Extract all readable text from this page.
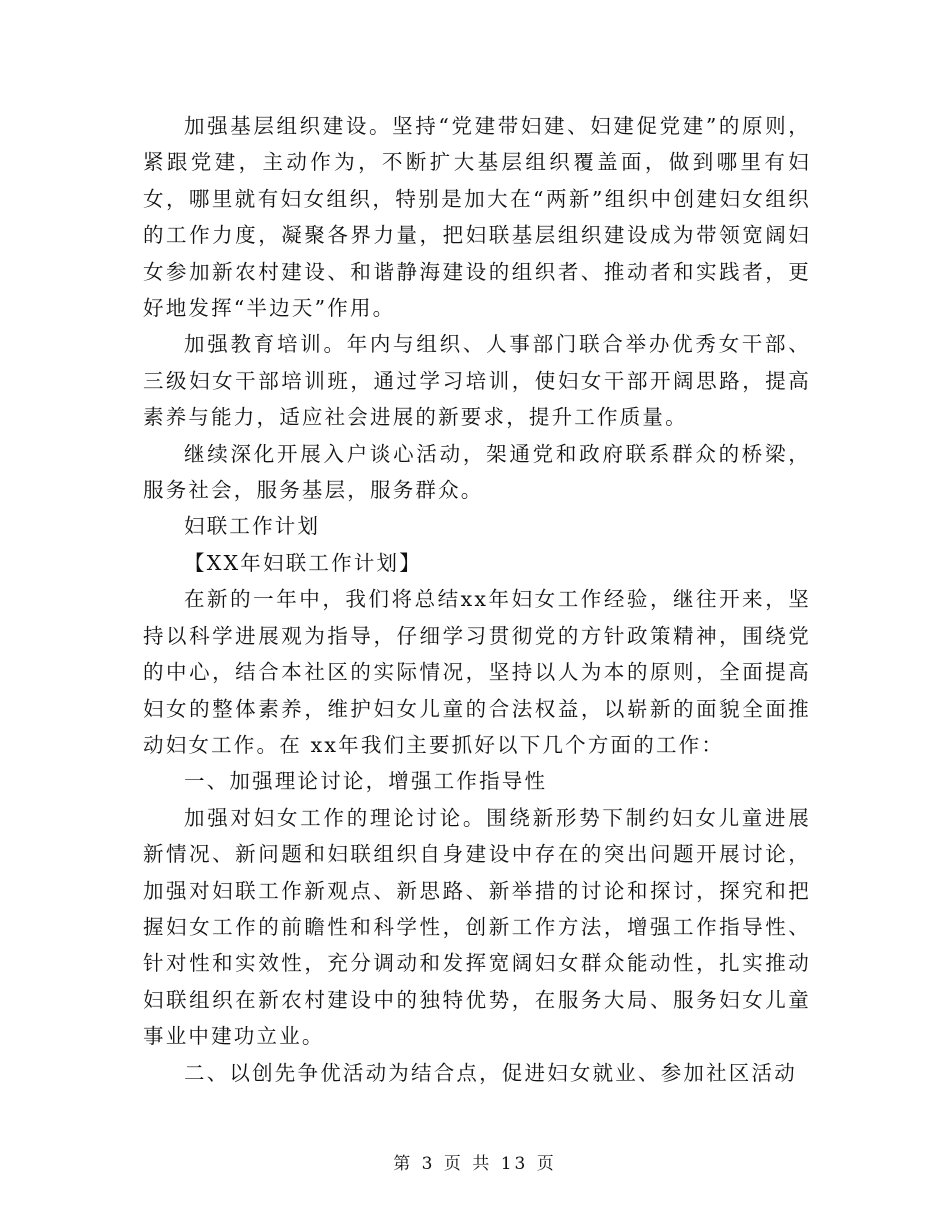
加强基层组织建设。坚持“党建带妇建、妇建促党建”的原则，紧跟党建，主动作为，不断扩大基层组织覆盖面，做到哪里有妇女，哪里就有妇女组织，特别是加大在“两新”组织中创建妇女组织的工作力度，凝聚各界力量，把妇联基层组织建设成为带领宽阔妇女参加新农村建设、和谐静海建设的组织者、推动者和实践者，更好地发挥“半边天”作用。

加强教育培训。年内与组织、人事部门联合举办优秀女干部、三级妇女干部培训班，通过学习培训，使妇女干部开阔思路，提高素养与能力，适应社会进展的新要求，提升工作质量。

继续深化开展入户谈心活动，架通党和政府联系群众的桥梁，服务社会，服务基层，服务群众。

妇联工作计划

【XX年妇联工作计划】

在新的一年中，我们将总结xx年妇女工作经验，继往开来，坚持以科学进展观为指导，仔细学习贯彻党的方针政策精神，围绕党的中心，结合本社区的实际情况，坚持以人为本的原则，全面提高妇女的整体素养，维护妇女儿童的合法权益，以崭新的面貌全面推动妇女工作。在 xx年我们主要抓好以下几个方面的工作：

一、加强理论讨论，增强工作指导性

加强对妇女工作的理论讨论。围绕新形势下制约妇女儿童进展新情况、新问题和妇联组织自身建设中存在的突出问题开展讨论，加强对妇联工作新观点、新思路、新举措的讨论和探讨，探究和把握妇女工作的前瞻性和科学性，创新工作方法，增强工作指导性、针对性和实效性，充分调动和发挥宽阔妇女群众能动性，扎实推动妇联组织在新农村建设中的独特优势，在服务大局、服务妇女儿童事业中建功立业。

二、以创先争优活动为结合点，促进妇女就业、参加社区活动

第 3 页 共 13 页
